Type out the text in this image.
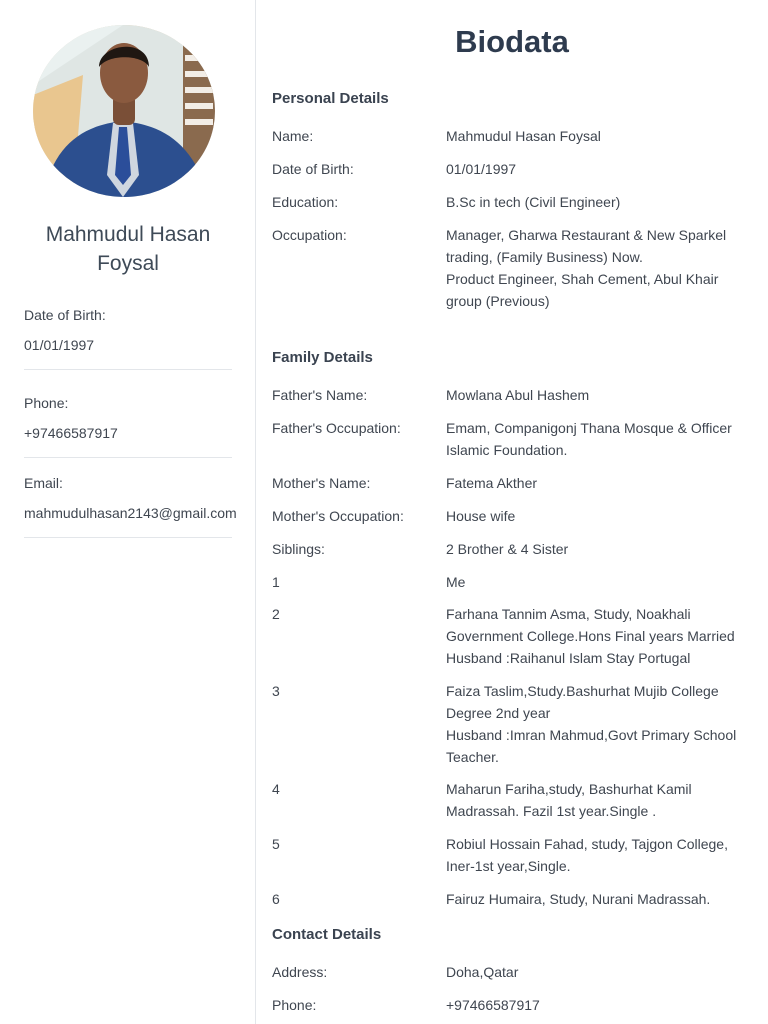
Mahmudul Hasan
Foysal
Date of Birth:
01/01/1997
Phone:
+97466587917
Email:
mahmudulhasan2143@gmail.com
Biodata
Personal Details
Name:	Mahmudul Hasan Foysal
Date of Birth:	01/01/1997
Education:	B.Sc in tech (Civil Engineer)
Occupation:	Manager, Gharwa Restaurant & New Sparkel
trading, (Family Business) Now.
Product Engineer, Shah Cement, Abul Khair
group (Previous)
Family Details
Father's Name:	Mowlana Abul Hashem
Father's Occupation:	Emam, Companigonj Thana Mosque & Officer
Islamic Foundation.
Mother's Name:	Fatema Akther
Mother's Occupation:	House wife
Siblings:	2 Brother & 4 Sister
1	Me
2	Farhana Tannim Asma, Study, Noakhali
Government College.Hons Final years Married
Husband :Raihanul Islam Stay Portugal
3	Faiza Taslim,Study.Bashurhat Mujib College
Degree 2nd year
Husband :Imran Mahmud,Govt Primary School
Teacher.
4	Maharun Fariha,study, Bashurhat Kamil
Madrassah. Fazil 1st year.Single .
5	Robiul Hossain Fahad, study, Tajgon College,
Iner-1st year,Single.
6	Fairuz Humaira, Study, Nurani Madrassah.
Contact Details
Address:	Doha,Qatar
Phone:	+97466587917
